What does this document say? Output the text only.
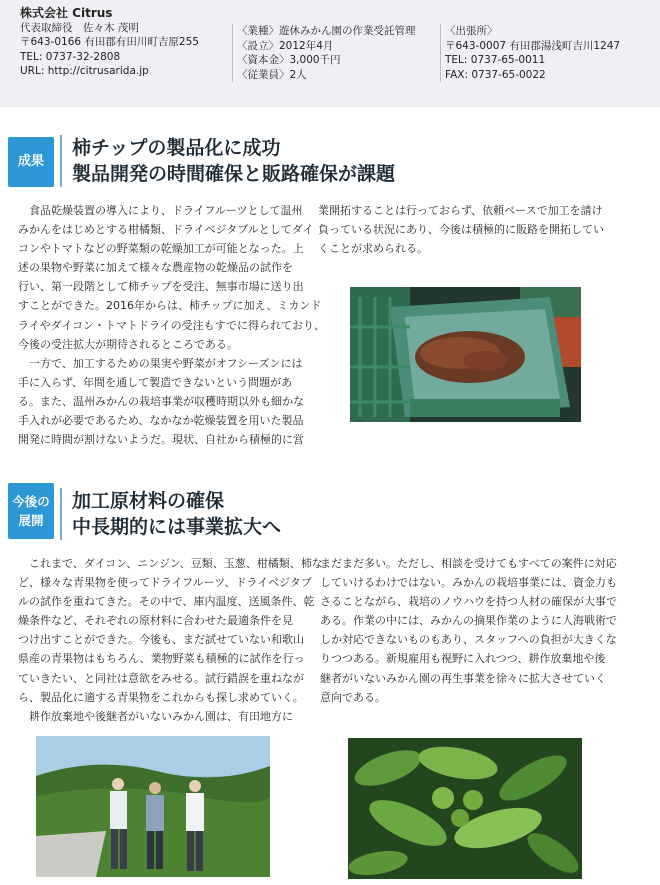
株式会社 Citrus
代表取締役　佐々木 茂明
〒643-0166 有田郡有田川町吉原255
TEL: 0737-32-2808
URL: http://citrusarida.jp
〈業種〉遊休みかん園の作業受託管理
〈設立〉2012年4月
〈資本金〉3,000千円
〈従業員〉2人
〈出張所〉
〒643-0007 有田郡湯浅町吉川1247
TEL: 0737-65-0011
FAX: 0737-65-0022
成果
柿チップの製品化に成功
製品開発の時間確保と販路確保が課題
　食品乾燥装置の導入により、ドライフルーツとして温州
みかんをはじめとする柑橘類、ドライベジタブルとしてダイ
コンやトマトなどの野菜類の乾燥加工が可能となった。上
述の果物や野菜に加えて様々な農産物の乾燥品の試作を
行い、第一段階として柿チップを受注、無事市場に送り出
すことができた。2016年からは、柿チップに加え、ミカンド
ライやダイコン・トマトドライの受注もすでに得られており、
今後の受注拡大が期待されるところである。
　一方で、加工するための果実や野菜がオフシーズンには
手に入らず、年間を通して製造できないという問題があ
る。また、温州みかんの栽培事業が収穫時期以外も細かな
手入れが必要であるため、なかなか乾燥装置を用いた製品
開発に時間が割けないようだ。現状、自社から積極的に営
業開拓することは行っておらず、依頼ベースで加工を請け
負っている状況にあり、今後は積極的に販路を開拓してい
くことが求められる。
今後の
展開
加工原材料の確保
中長期的には事業拡大へ
　これまで、ダイコン、ニンジン、豆類、玉葱、柑橘類、柿な
ど、様々な青果物を使ってドライフルーツ、ドライベジタブ
ルの試作を重ねてきた。その中で、庫内温度、送風条件、乾
燥条件など、それぞれの原材料に合わせた最適条件を見
つけ出すことができた。今後も、まだ試せていない和歌山
県産の青果物はもちろん、業物野菜も積極的に試作を行っ
ていきたい、と同社は意欲をみせる。試行錯誤を重ねなが
ら、製品化に適する青果物をこれからも探し求めていく。
　耕作放棄地や後継者がいないみかん園は、有田地方に
まだまだ多い。ただし、相談を受けてもすべての案件に対応
していけるわけではない。みかんの栽培事業には、資金力も
さることながら、栽培のノウハウを持つ人材の確保が大事で
ある。作業の中には、みかんの摘果作業のように人海戦術で
しか対応できないものもあり、スタッフへの負担が大きくな
りつつある。新規雇用も視野に入れつつ、耕作放棄地や後
継者がいないみかん園の再生事業を徐々に拡大させていく
意向である。
